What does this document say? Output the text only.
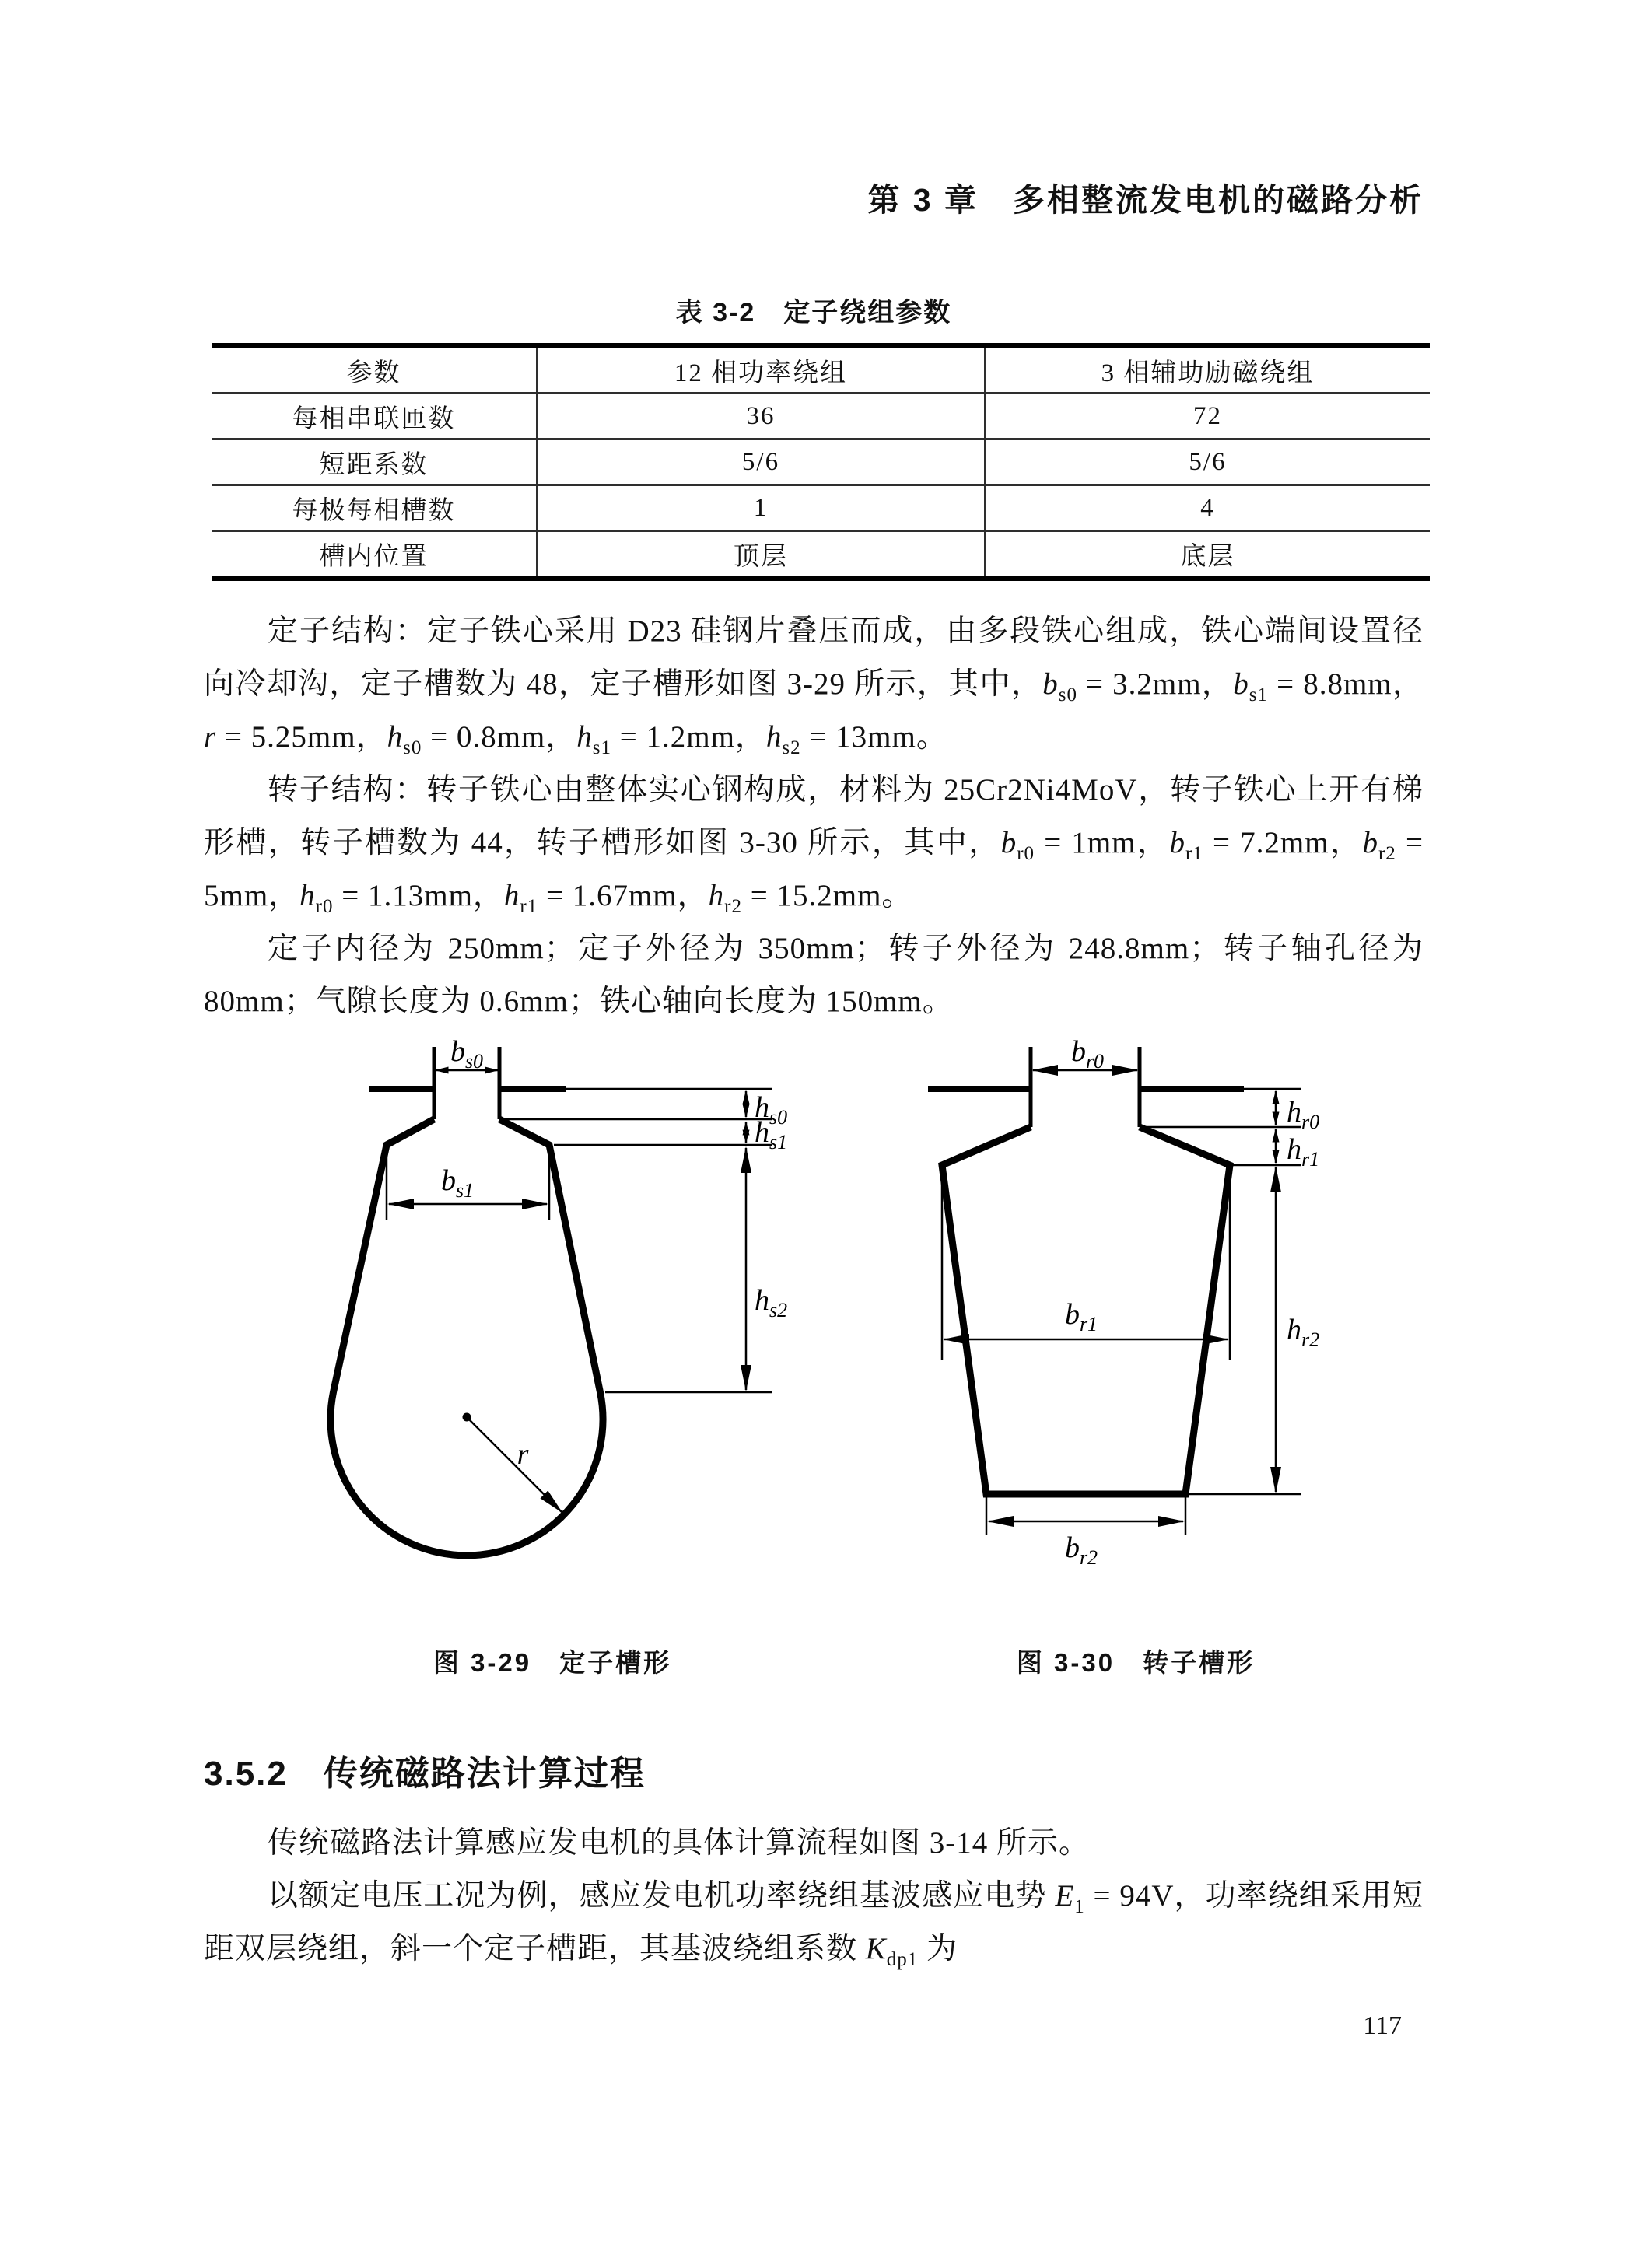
第 3 章　多相整流发电机的磁路分析
表 3-2　定子绕组参数
参数	12 相功率绕组	3 相辅助励磁绕组
每相串联匝数	36	72
短距系数	5/6	5/6
每极每相槽数	1	4
槽内位置	顶层	底层

定子结构：定子铁心采用 D23 硅钢片叠压而成，由多段铁心组成，铁心端间设置径向冷却沟，定子槽数为 48，定子槽形如图 3-29 所示，其中，$b_{s0} = 3.2mm$，$b_{s1} = 8.8mm$，r = 5.25mm，$h_{s0} = 0.8mm$，$h_{s1} = 1.2mm$，$h_{s2} = 13mm$。

转子结构：转子铁心由整体实心钢构成，材料为 25Cr2Ni4MoV，转子铁心上开有梯形槽，转子槽数为 44，转子槽形如图 3-30 所示，其中，$b_{r0} = 1mm$，$b_{r1} = 7.2mm$，$b_{r2} = 5mm$，$h_{r0} = 1.13mm$，$h_{r1} = 1.67mm$，$h_{r2} = 15.2mm$。

定子内径为 250mm；定子外径为 350mm；转子外径为 248.8mm；转子轴孔径为 80mm；气隙长度为 0.6mm；铁心轴向长度为 150mm。

$b_{s0}$
$h_{s0}$
$h_{s1}$
$h_{s2}$
$b_{s1}$
r
$b_{r0}$
$h_{r0}$
$h_{r1}$
$h_{r2}$
$b_{r1}$
$b_{r2}$
图 3-29　定子槽形	图 3-30　转子槽形
3.5.2　传统磁路法计算过程

传统磁路法计算感应发电机的具体计算流程如图 3-14 所示。

以额定电压工况为例，感应发电机功率绕组基波感应电势 $E_1 = 94V$，功率绕组采用短距双层绕组，斜一个定子槽距，其基波绕组系数 $K_{dp1}$ 为

117
